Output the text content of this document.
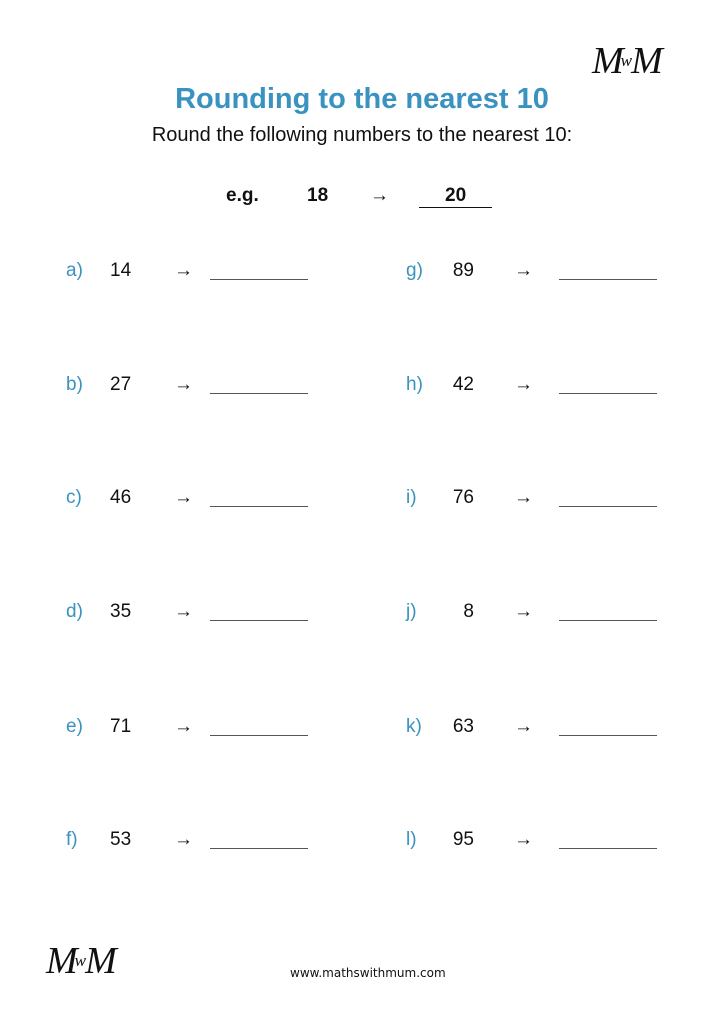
MwM
Rounding to the nearest 10
Round the following numbers to the nearest 10:
e.g.	18 →	20
a) 14	→
b) 27	→
c) 46	→
d) 35	→
e) 71	→
f) 53	→
g)	89 →
h)	42 →
i)	76 →
j)	8 →
k)	63 →
l)	95 →
MwM	www.mathswithmum.com
